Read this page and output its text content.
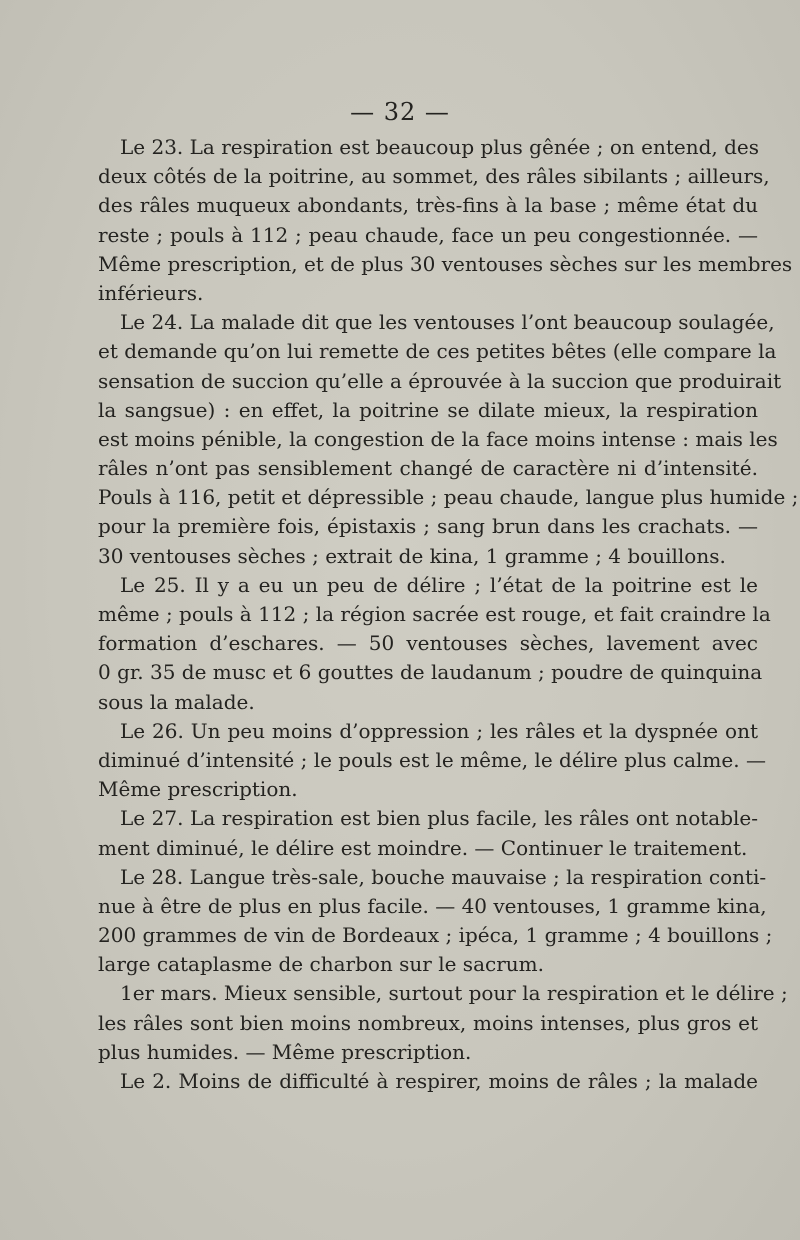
— 32 —
Le 23. La respiration est beaucoup plus gênée ; on entend, des
deux côtés de la poitrine, au sommet, des râles sibilants ; ailleurs,
des râles muqueux abondants, très-fins à la base ; même état du
reste ; pouls à 112 ; peau chaude, face un peu congestionnée. —
Même prescription, et de plus 30 ventouses sèches sur les membres
inférieurs.
Le 24. La malade dit que les ventouses l’ont beaucoup soulagée,
et demande qu’on lui remette de ces petites bêtes (elle compare la
sensation de succion qu’elle a éprouvée à la succion que produirait
la sangsue) : en effet, la poitrine se dilate mieux, la respiration
est moins pénible, la congestion de la face moins intense : mais les
râles n’ont pas sensiblement changé de caractère ni d’intensité.
Pouls à 116, petit et dépressible ; peau chaude, langue plus humide ;
pour la première fois, épistaxis ; sang brun dans les crachats. —
30 ventouses sèches ; extrait de kina, 1 gramme ; 4 bouillons.
Le 25. Il y a eu un peu de délire ; l’état de la poitrine est le
même ; pouls à 112 ; la région sacrée est rouge, et fait craindre la
formation d’eschares. — 50 ventouses sèches, lavement avec
0 gr. 35 de musc et 6 gouttes de laudanum ; poudre de quinquina
sous la malade.
Le 26. Un peu moins d’oppression ; les râles et la dyspnée ont
diminué d’intensité ; le pouls est le même, le délire plus calme. —
Même prescription.
Le 27. La respiration est bien plus facile, les râles ont notable-
ment diminué, le délire est moindre. — Continuer le traitement.
Le 28. Langue très-sale, bouche mauvaise ; la respiration conti-
nue à être de plus en plus facile. — 40 ventouses, 1 gramme kina,
200 grammes de vin de Bordeaux ; ipéca, 1 gramme ; 4 bouillons ;
large cataplasme de charbon sur le sacrum.
1er mars. Mieux sensible, surtout pour la respiration et le délire ;
les râles sont bien moins nombreux, moins intenses, plus gros et
plus humides. — Même prescription.
Le 2. Moins de difficulté à respirer, moins de râles ; la malade
